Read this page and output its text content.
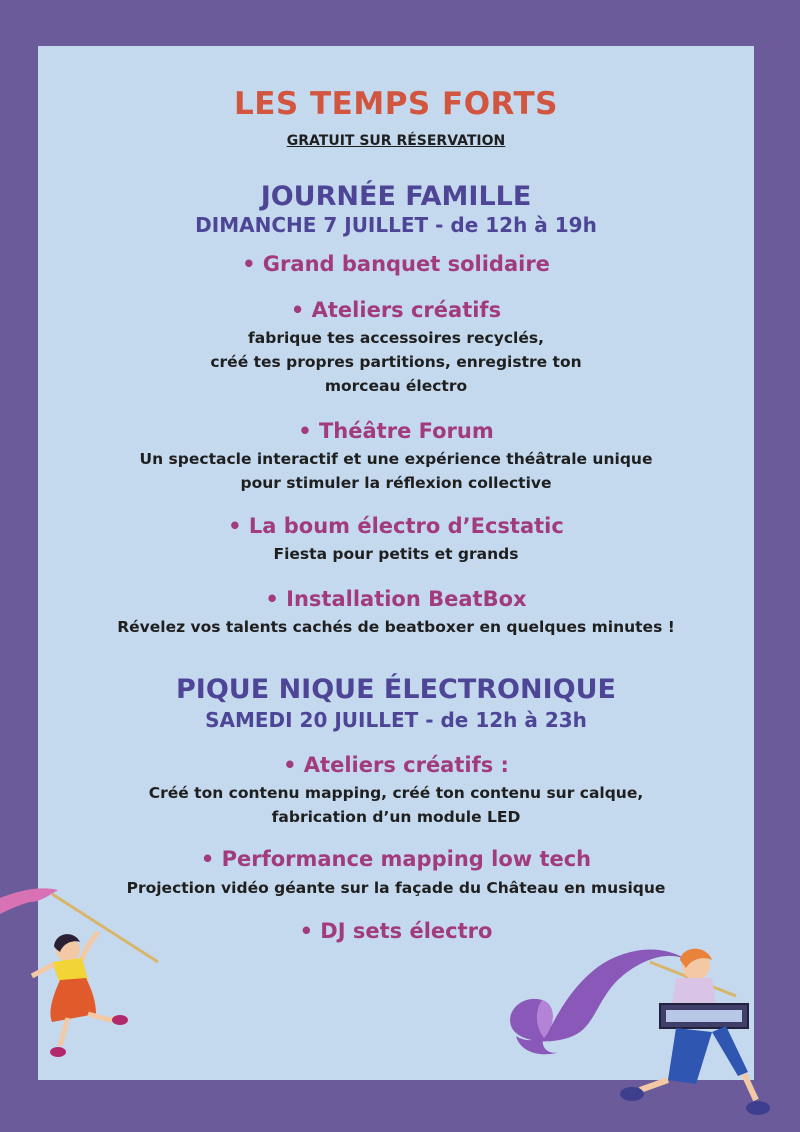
LES TEMPS FORTS

GRATUIT SUR RÉSERVATION

JOURNÉE FAMILLE

DIMANCHE 7 JUILLET - de 12h à 19h

• Grand banquet solidaire

• Ateliers créatifs

fabrique tes accessoires recyclés,

créé tes propres partitions, enregistre ton

morceau électro

• Théâtre Forum

Un spectacle interactif et une expérience théâtrale unique

pour stimuler la réflexion collective

• La boum électro d’Ecstatic

Fiesta pour petits et grands

• Installation BeatBox

Révelez vos talents cachés de beatboxer en quelques minutes !

PIQUE NIQUE ÉLECTRONIQUE

SAMEDI 20 JUILLET - de 12h à 23h

• Ateliers créatifs :

Créé ton contenu mapping, créé ton contenu sur calque,

fabrication d’un module LED

• Performance mapping low tech

Projection vidéo géante sur la façade du Château en musique

• DJ sets électro
